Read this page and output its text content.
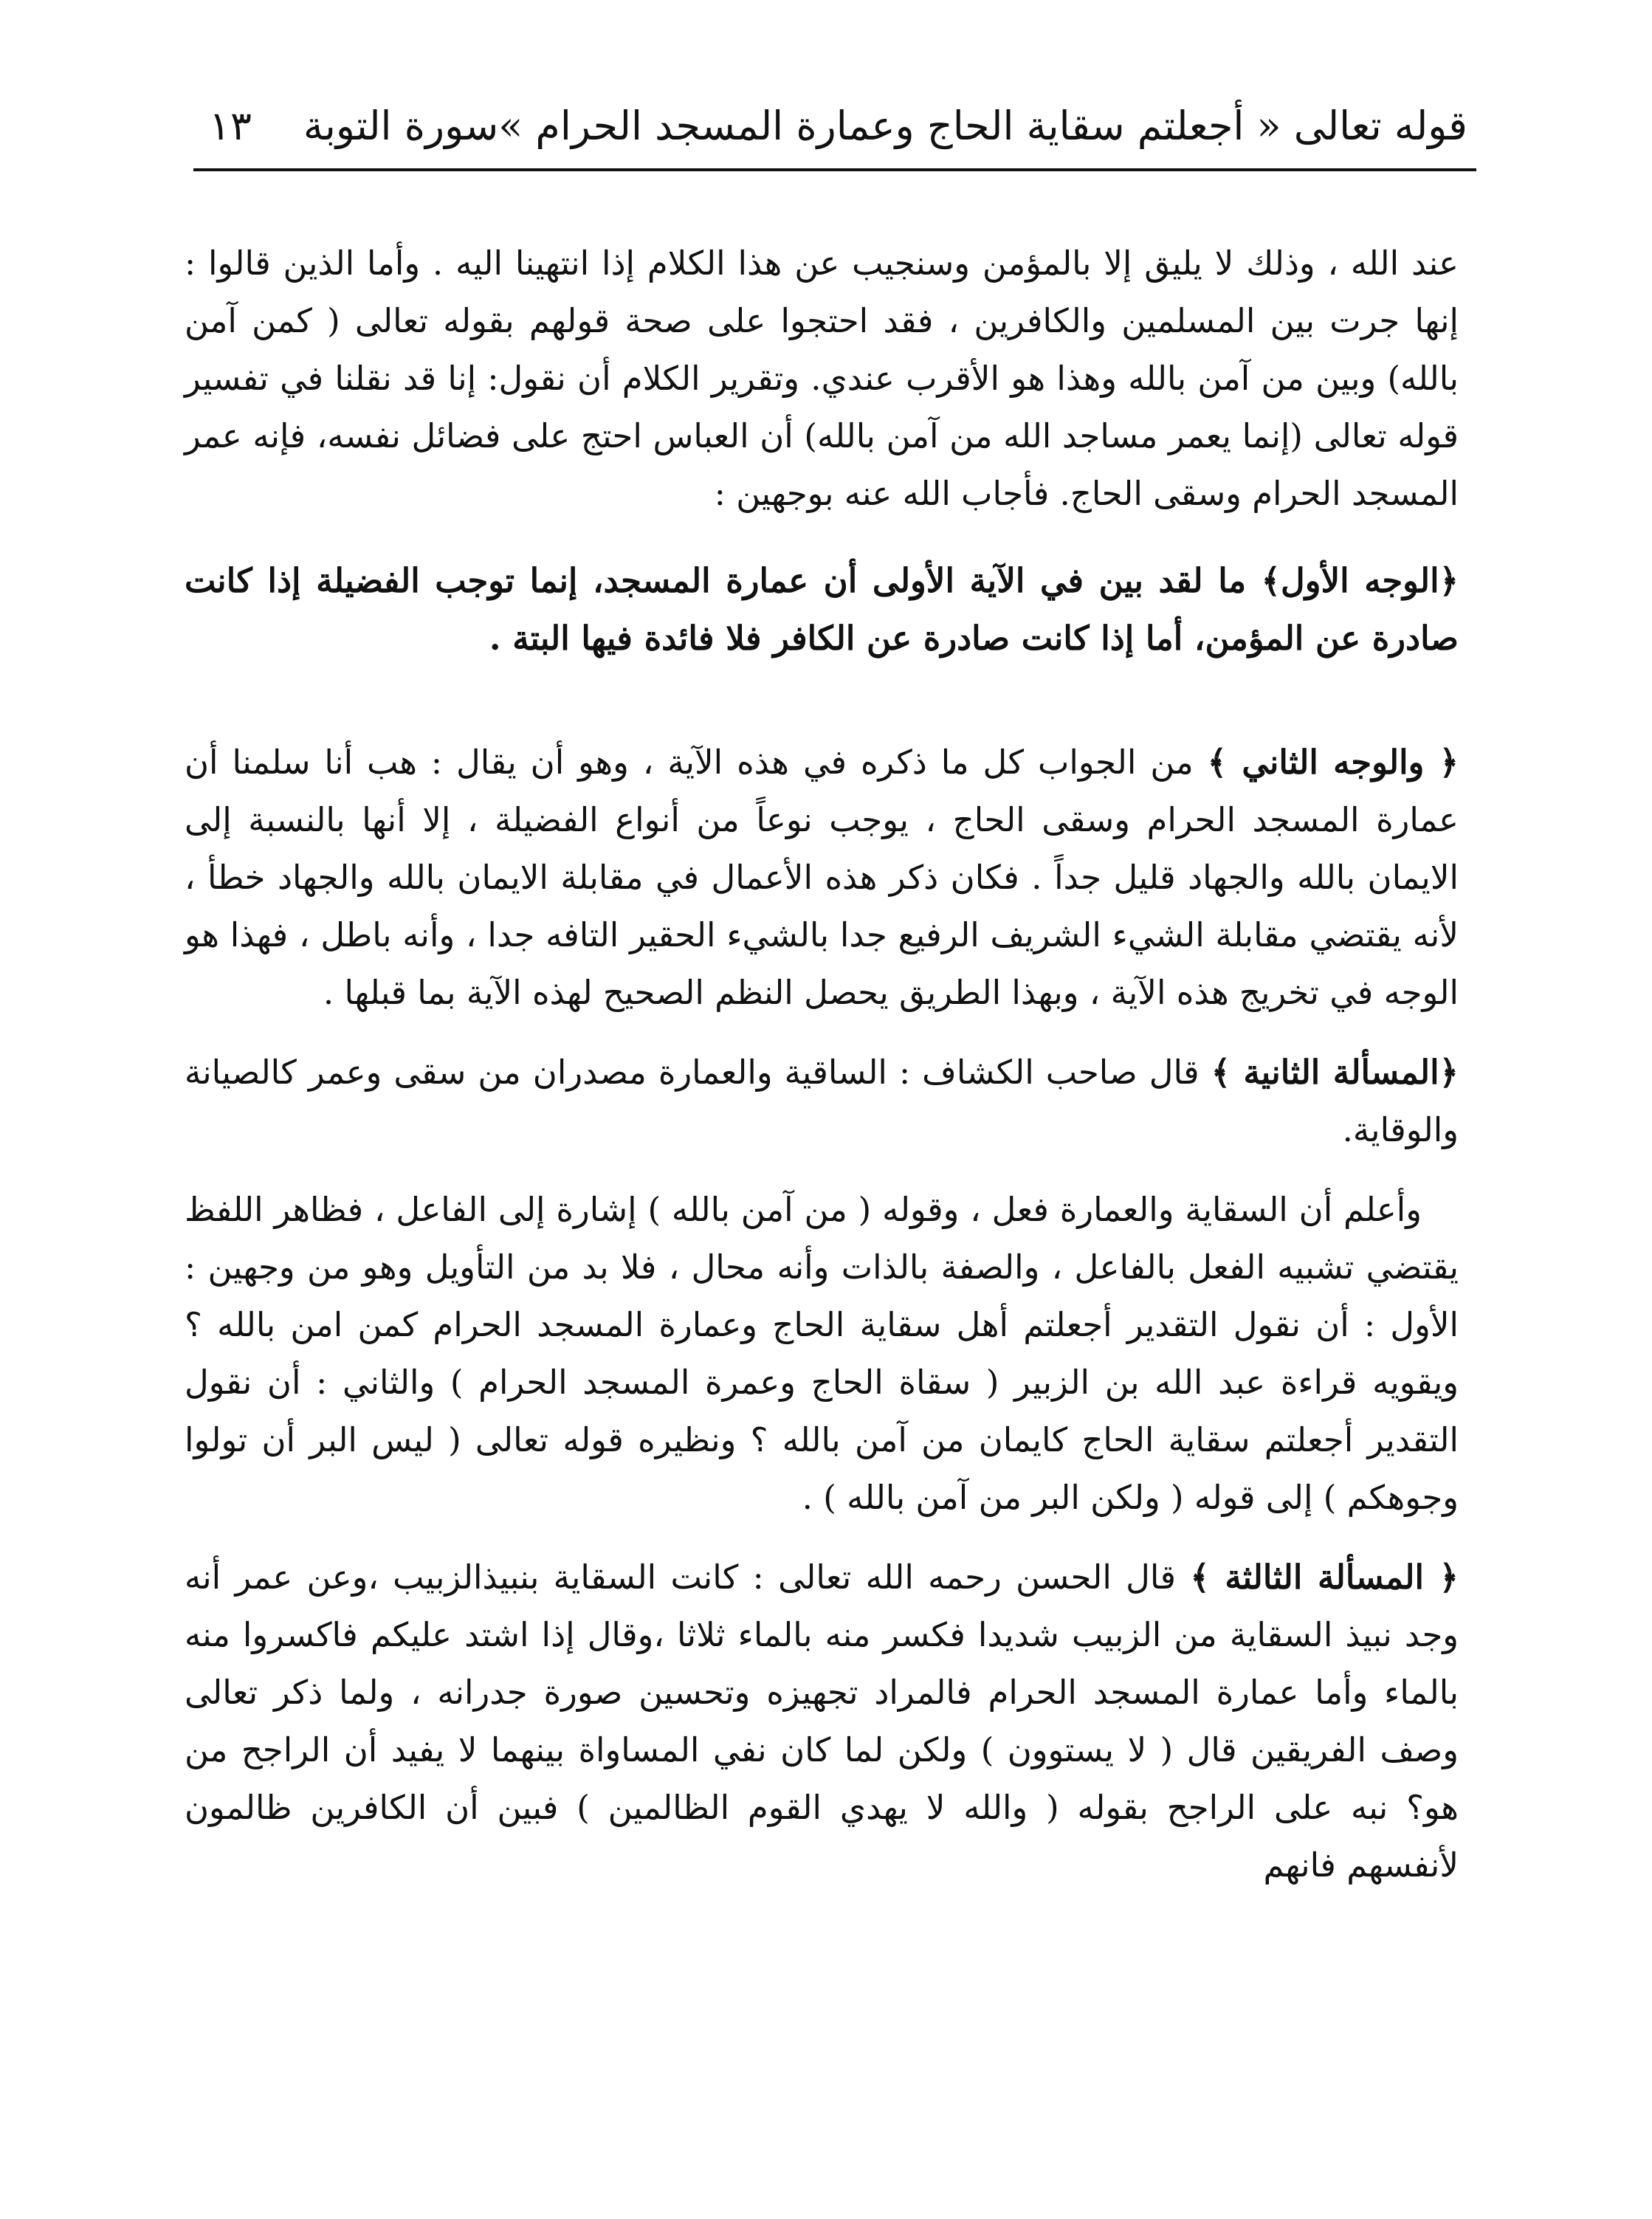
قوله تعالى « أجعلتم سقاية الحاج وعمارة المسجد الحرام »سورة التوبة
١٣

عند الله ، وذلك لا يليق إلا بالمؤمن وسنجيب عن هذا الكلام إذا انتهينا اليه . وأما الذين قالوا : إنها جرت بين المسلمين والكافرين ، فقد احتجوا على صحة قولهم بقوله تعالى ( كمن آمن بالله) وبين من آمن بالله وهذا هو الأقرب عندي. وتقرير الكلام أن نقول: إنا قد نقلنا في تفسير قوله تعالى (إنما يعمر مساجد الله من آمن بالله) أن العباس احتج على فضائل نفسه، فإنه عمر المسجد الحرام وسقى الحاج. فأجاب الله عنه بوجهين :

﴿الوجه الأول﴾ ما لقد بين في الآية الأولى أن عمارة المسجد، إنما توجب الفضيلة إذا كانت صادرة عن المؤمن، أما إذا كانت صادرة عن الكافر فلا فائدة فيها البتة .

﴿ والوجه الثاني ﴾ من الجواب كل ما ذكره في هذه الآية ، وهو أن يقال : هب أنا سلمنا أن عمارة المسجد الحرام وسقى الحاج ، يوجب نوعاً من أنواع الفضيلة ، إلا أنها بالنسبة إلى الايمان بالله والجهاد قليل جداً . فكان ذكر هذه الأعمال في مقابلة الايمان بالله والجهاد خطأ ، لأنه يقتضي مقابلة الشيء الشريف الرفيع جدا بالشيء الحقير التافه جدا ، وأنه باطل ، فهذا هو الوجه في تخريج هذه الآية ، وبهذا الطريق يحصل النظم الصحيح لهذه الآية بما قبلها .

﴿المسألة الثانية ﴾ قال صاحب الكشاف : الساقية والعمارة مصدران من سقى وعمر كالصيانة والوقاية.

وأعلم أن السقاية والعمارة فعل ، وقوله ( من آمن بالله ) إشارة إلى الفاعل ، فظاهر اللفظ يقتضي تشبيه الفعل بالفاعل ، والصفة بالذات وأنه محال ، فلا بد من التأويل وهو من وجهين : الأول : أن نقول التقدير أجعلتم أهل سقاية الحاج وعمارة المسجد الحرام كمن امن بالله ؟ ويقويه قراءة عبد الله بن الزبير ( سقاة الحاج وعمرة المسجد الحرام ) والثاني : أن نقول التقدير أجعلتم سقاية الحاج كايمان من آمن بالله ؟ ونظيره قوله تعالى ( ليس البر أن تولوا وجوهكم ) إلى قوله ( ولكن البر من آمن بالله ) .

﴿ المسألة الثالثة ﴾ قال الحسن رحمه الله تعالى : كانت السقاية بنبيذالزبيب ،وعن عمر أنه وجد نبيذ السقاية من الزبيب شديدا فكسر منه بالماء ثلاثا ،وقال إذا اشتد عليكم فاكسروا منه بالماء وأما عمارة المسجد الحرام فالمراد تجهيزه وتحسين صورة جدرانه ، ولما ذكر تعالى وصف الفريقين قال ( لا يستوون ) ولكن لما كان نفي المساواة بينهما لا يفيد أن الراجح من هو؟ نبه على الراجح بقوله ( والله لا يهدي القوم الظالمين ) فبين أن الكافرين ظالمون لأنفسهم فانهم
